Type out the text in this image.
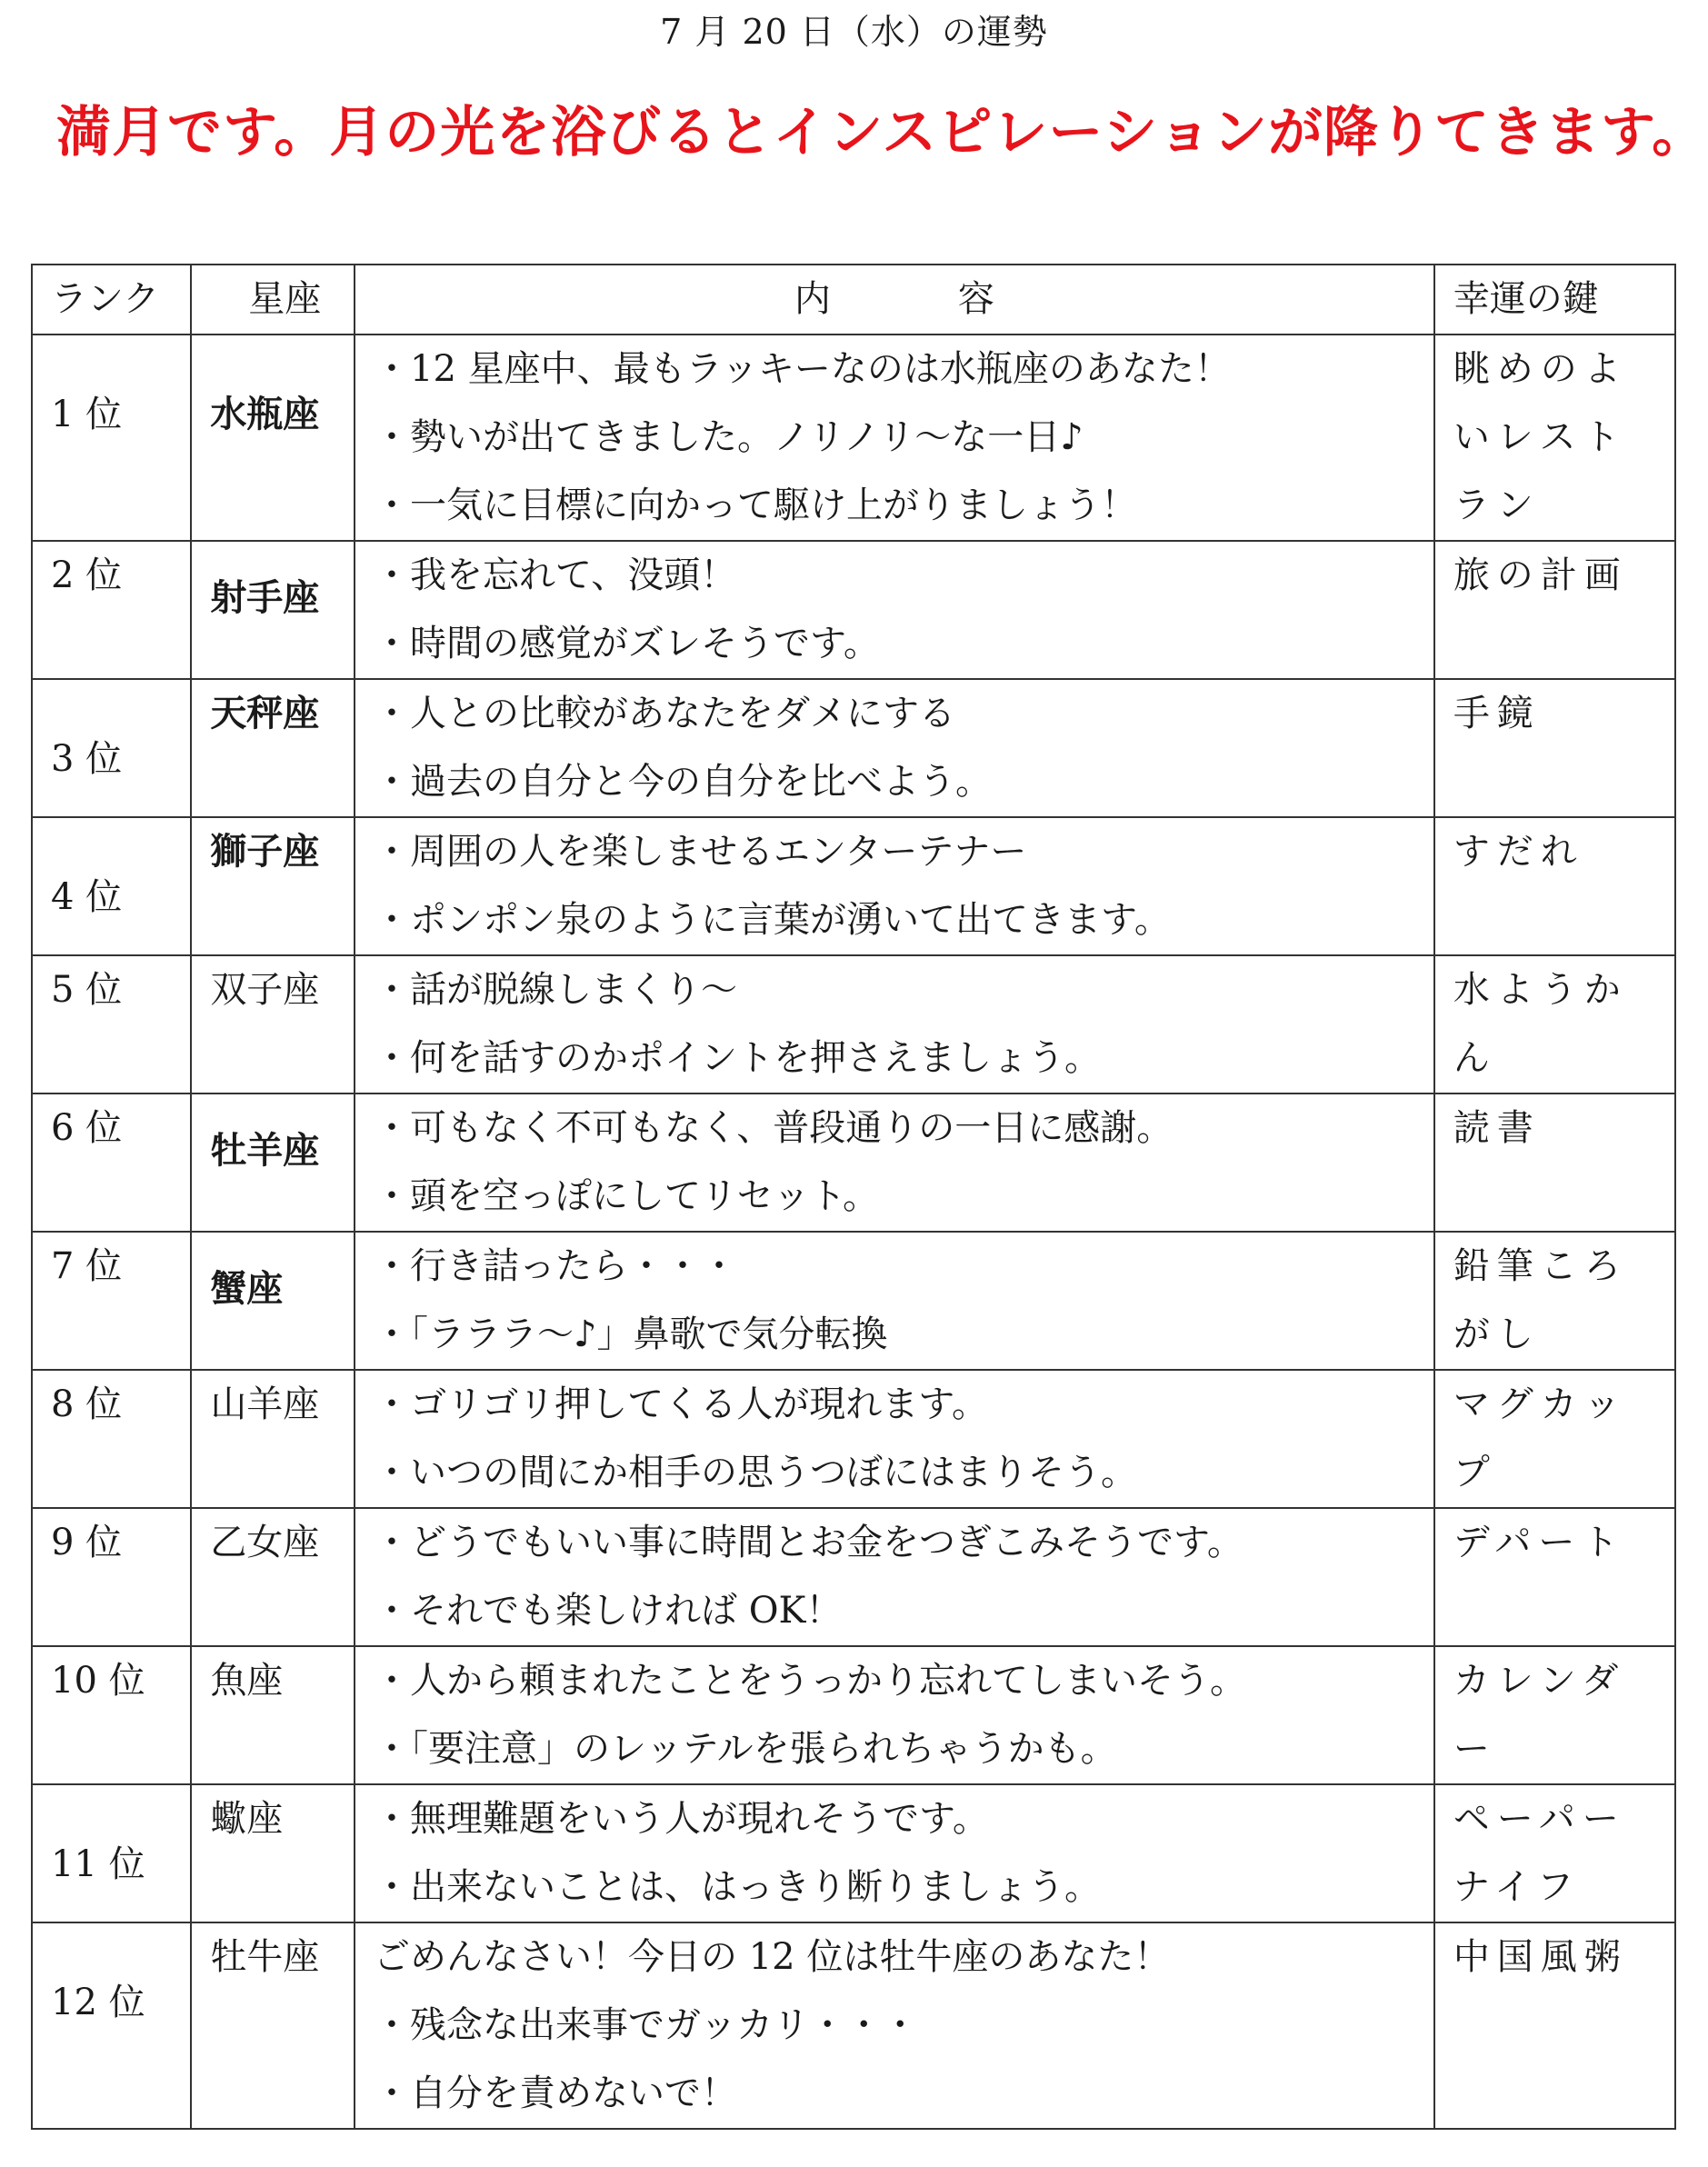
7 月 20 日（水）の運勢
満月です。月の光を浴びるとインスピレーションが降りてきます。
ランク	星座	内 容	幸運の鍵
1 位	水瓶座	・12 星座中、最もラッキーなのは水瓶座のあなた！
・勢いが出てきました。ノリノリ～な一日♪
・一気に目標に向かって駆け上がりましょう！	眺めのよいレストラン
2 位	射手座	・我を忘れて、没頭！
・時間の感覚がズレそうです。	旅の計画
3 位	天秤座	・人との比較があなたをダメにする
・過去の自分と今の自分を比べよう。	手鏡
4 位	獅子座	・周囲の人を楽しませるエンターテナー
・ポンポン泉のように言葉が湧いて出てきます。	すだれ
5 位	双子座	・話が脱線しまくり～
・何を話すのかポイントを押さえましょう。	水ようかん
6 位	牡羊座	・可もなく不可もなく、普段通りの一日に感謝。
・頭を空っぽにしてリセット。	読書
7 位	蟹座	・行き詰ったら・・・
・「ラララ～♪」鼻歌で気分転換	鉛筆ころがし
8 位	山羊座	・ゴリゴリ押してくる人が現れます。
・いつの間にか相手の思うつぼにはまりそう。	マグカップ
9 位	乙女座	・どうでもいい事に時間とお金をつぎこみそうです。
・それでも楽しければ OK！	デパート
10 位	魚座	・人から頼まれたことをうっかり忘れてしまいそう。
・「要注意」のレッテルを張られちゃうかも。	カレンダー
11 位	蠍座	・無理難題をいう人が現れそうです。
・出来ないことは、はっきり断りましょう。	ペーパーナイフ
12 位	牡牛座	ごめんなさい！今日の 12 位は牡牛座のあなた！
・残念な出来事でガッカリ・・・
・自分を責めないで！	中国風粥
